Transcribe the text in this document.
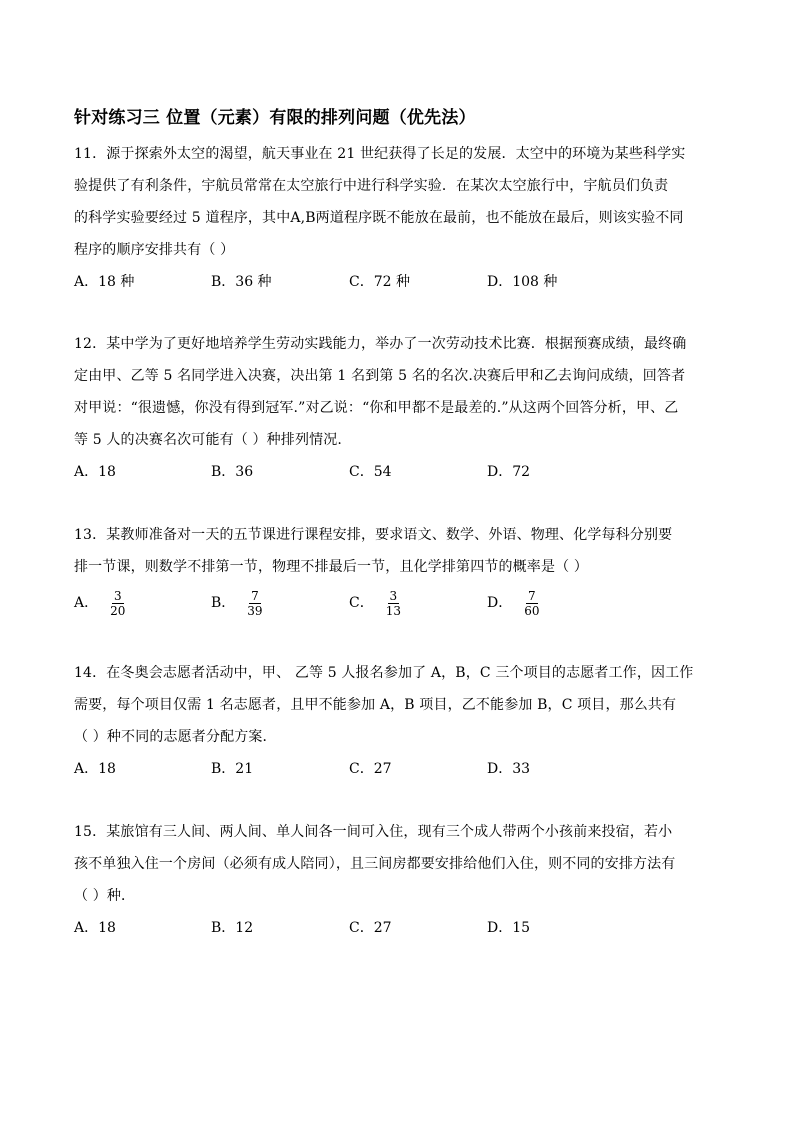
针对练习三 位置（元素）有限的排列问题（优先法）
11．源于探索外太空的渴望，航天事业在 21 世纪获得了长足的发展．太空中的环境为某些科学实
验提供了有利条件，宇航员常常在太空旅行中进行科学实验．在某次太空旅行中，宇航员们负责
的科学实验要经过 5 道程序，其中A,B两道程序既不能放在最前，也不能放在最后，则该实验不同
程序的顺序安排共有（ ）
A．18 种	B．36 种	C．72 种	D．108 种
12．某中学为了更好地培养学生劳动实践能力，举办了一次劳动技术比赛．根据预赛成绩，最终确
定由甲、乙等 5 名同学进入决赛，决出第 1 名到第 5 名的名次.决赛后甲和乙去询问成绩，回答者
对甲说：“很遗憾，你没有得到冠军.”对乙说：“你和甲都不是最差的.”从这两个回答分析，甲、乙
等 5 人的决赛名次可能有（ ）种排列情况.
A．18	B．36	C．54	D．72
13．某教师准备对一天的五节课进行课程安排，要求语文、数学、外语、物理、化学每科分别要
排一节课，则数学不排第一节，物理不排最后一节，且化学排第四节的概率是（ ）
A． $\frac{3}{20}$	B． $\frac{7}{39}$	C． $\frac{3}{13}$	D． $\frac{7}{60}$
14．在冬奥会志愿者活动中，甲、 乙等 5 人报名参加了 A，B，C 三个项目的志愿者工作，因工作
需要，每个项目仅需 1 名志愿者，且甲不能参加 A，B 项目，乙不能参加 B，C 项目，那么共有
（ ）种不同的志愿者分配方案．
A．18	B．21	C．27	D．33
15．某旅馆有三人间、两人间、单人间各一间可入住，现有三个成人带两个小孩前来投宿，若小
孩不单独入住一个房间（必须有成人陪同），且三间房都要安排给他们入住，则不同的安排方法有
（ ）种．
A．18	B．12	C．27	D．15
